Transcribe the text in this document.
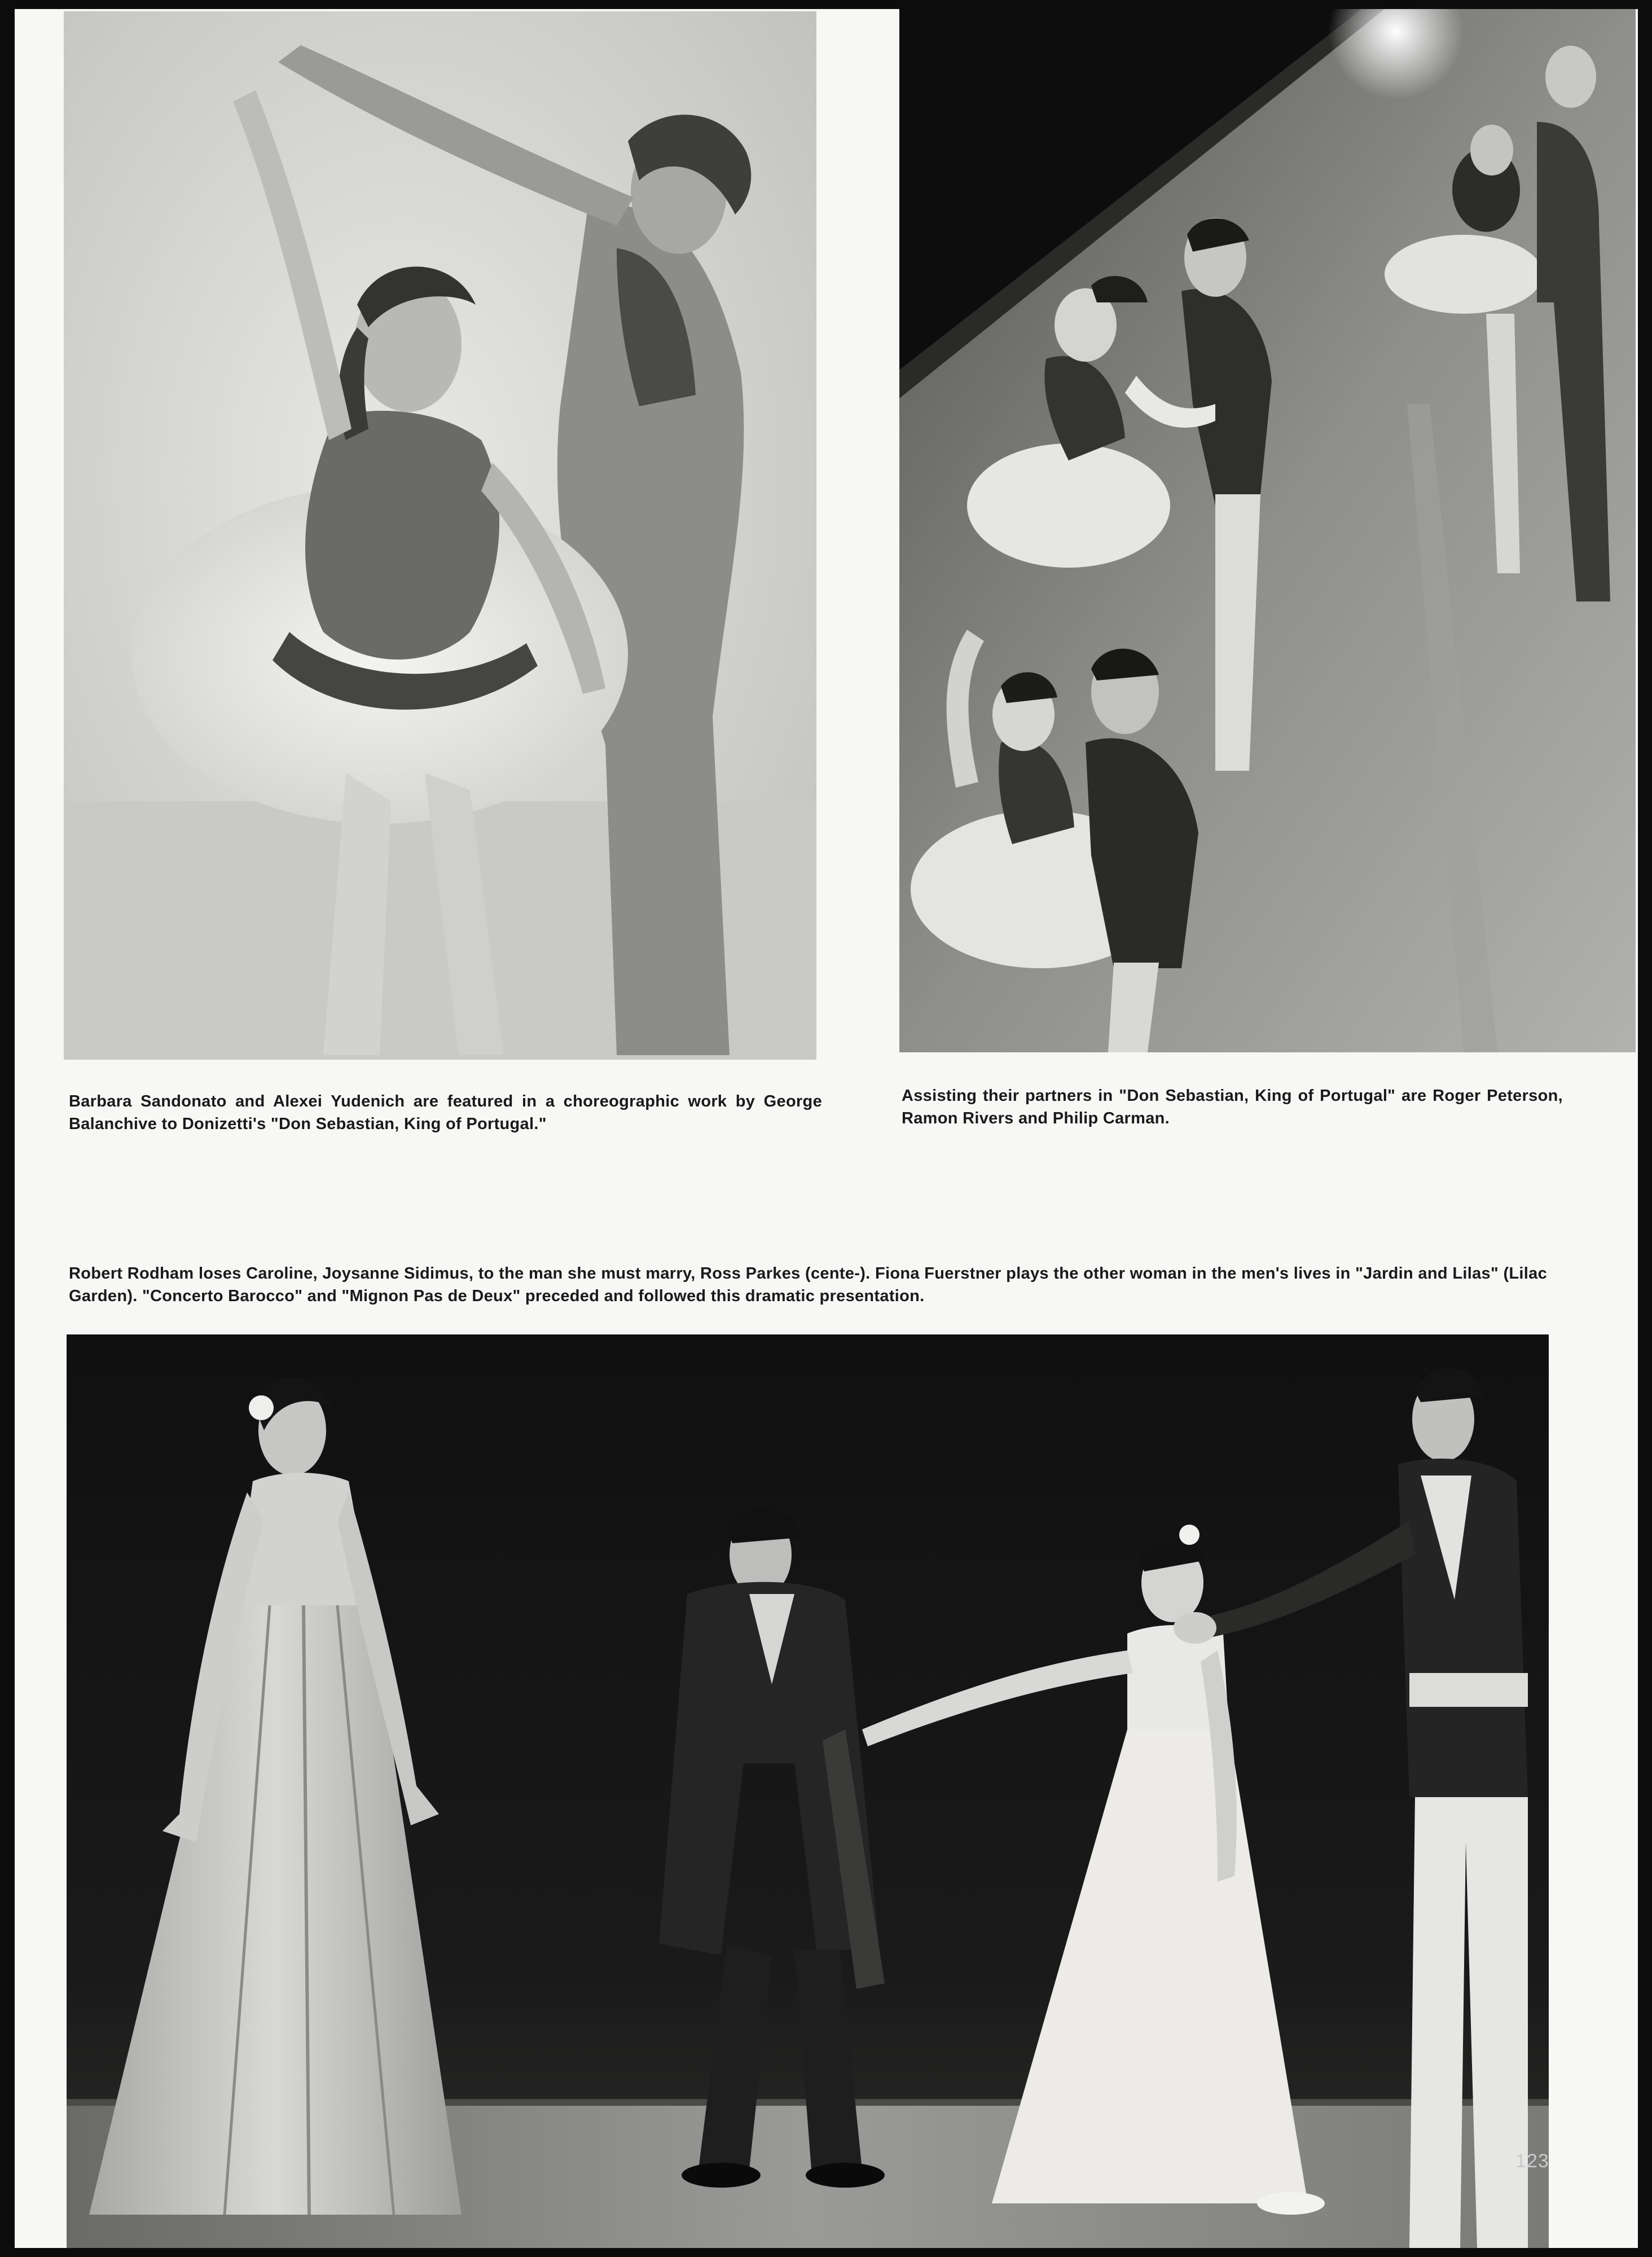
Barbara Sandonato and Alexei Yudenich are featured in a choreographic work by George Balanchive to Donizetti's "Don Sebastian, King of Portugal."

Assisting their partners in "Don Sebastian, King of Portugal" are Roger Peterson, Ramon Rivers and Philip Carman.

Robert Rodham loses Caroline, Joysanne Sidimus, to the man she must marry, Ross Parkes (cente-). Fiona Fuerstner plays the other woman in the men's lives in "Jardin and Lilas" (Lilac Garden). "Concerto Barocco" and "Mignon Pas de Deux" preceded and followed this dramatic presentation.

123
